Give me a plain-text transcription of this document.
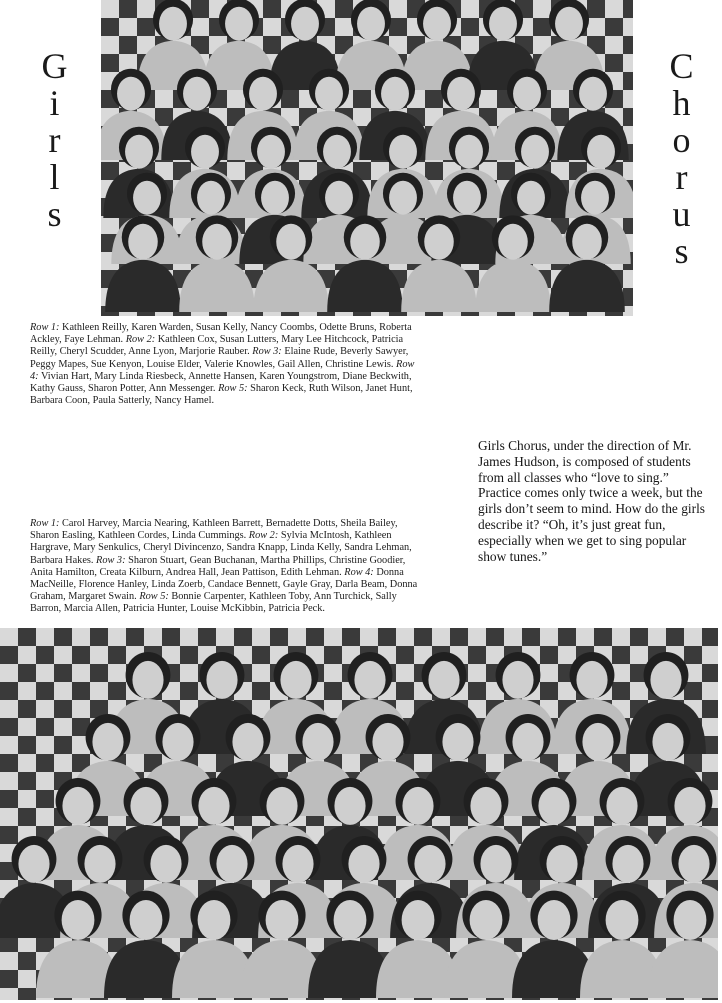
G
i
r
l
s
C
h
o
r
u
s
Row 1: Kathleen Reilly, Karen Warden, Susan Kelly, Nancy Coombs, Odette Bruns, Roberta Ackley, Faye Lehman. Row 2: Kathleen Cox, Susan Lutters, Mary Lee Hitchcock, Patricia Reilly, Cheryl Scudder, Anne Lyon, Marjorie Rauber. Row 3: Elaine Rude, Beverly Sawyer, Peggy Mapes, Sue Kenyon, Louise Elder, Valerie Knowles, Gail Allen, Christine Lewis. Row 4: Vivian Hart, Mary Linda Riesbeck, Annette Hansen, Karen Youngstrom, Diane Beckwith, Kathy Gauss, Sharon Potter, Ann Messenger. Row 5: Sharon Keck, Ruth Wilson, Janet Hunt, Barbara Coon, Paula Satterly, Nancy Hamel.
Girls Chorus, under the direction of Mr. James Hudson, is composed of students from all classes who “love to sing.” Practice comes only twice a week, but the girls don’t seem to mind. How do the girls describe it? “Oh, it’s just great fun, especially when we get to sing popular show tunes.”
Row 1: Carol Harvey, Marcia Nearing, Kathleen Barrett, Bernadette Dotts, Sheila Bailey, Sharon Easling, Kathleen Cordes, Linda Cummings. Row 2: Sylvia McIntosh, Kathleen Hargrave, Mary Senkulics, Cheryl Divincenzo, Sandra Knapp, Linda Kelly, Sandra Lehman, Barbara Hakes. Row 3: Sharon Stuart, Gean Buchanan, Martha Phillips, Christine Goodier, Anita Hamilton, Creata Kilburn, Andrea Hall, Jean Pattison, Edith Lehman. Row 4: Donna MacNeille, Florence Hanley, Linda Zoerb, Candace Bennett, Gayle Gray, Darla Beam, Donna Graham, Margaret Swain. Row 5: Bonnie Carpenter, Kathleen Toby, Ann Turchick, Sally Barron, Marcia Allen, Patricia Hunter, Louise McKibbin, Patricia Peck.
